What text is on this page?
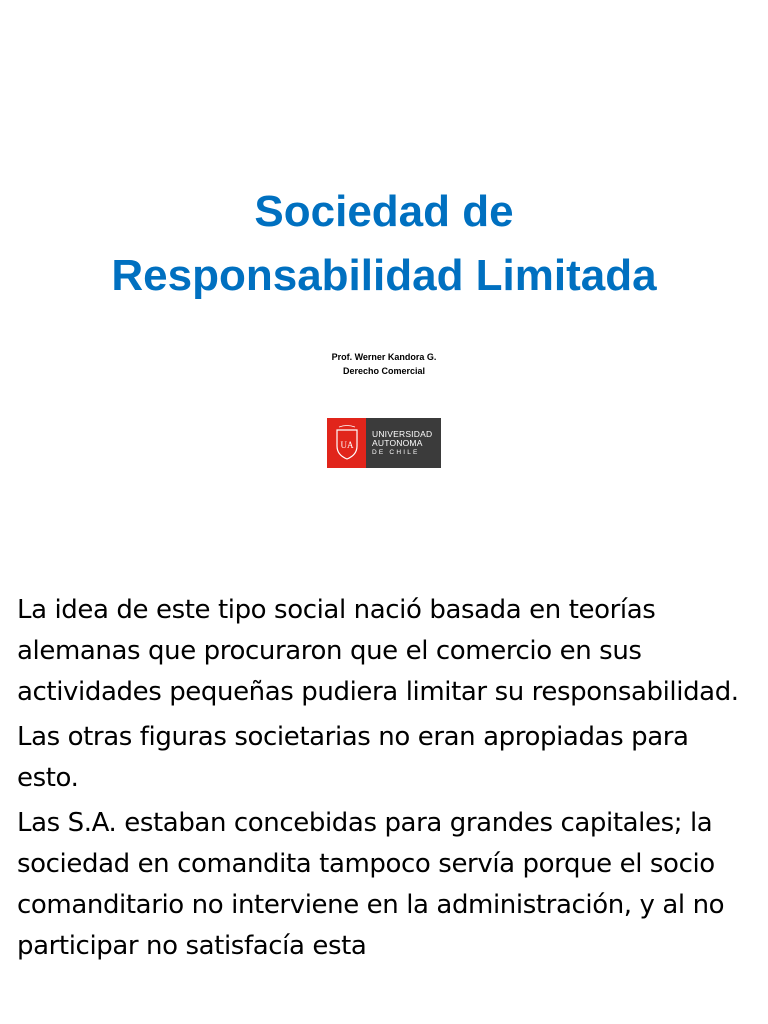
Sociedad de
Responsabilidad Limitada
Prof. Werner Kandora G.
Derecho Comercial
UA
UNIVERSIDAD
AUTONOMA
DE CHILE

La idea de este tipo social nació basada en teorías alemanas que procuraron que el comercio en sus actividades pequeñas pudiera limitar su responsabilidad.

Las otras figuras societarias no eran apropiadas para esto.

Las S.A. estaban concebidas para grandes capitales; la sociedad en comandita tampoco servía porque el socio comanditario no interviene en la administración, y al no participar no satisfacía esta
